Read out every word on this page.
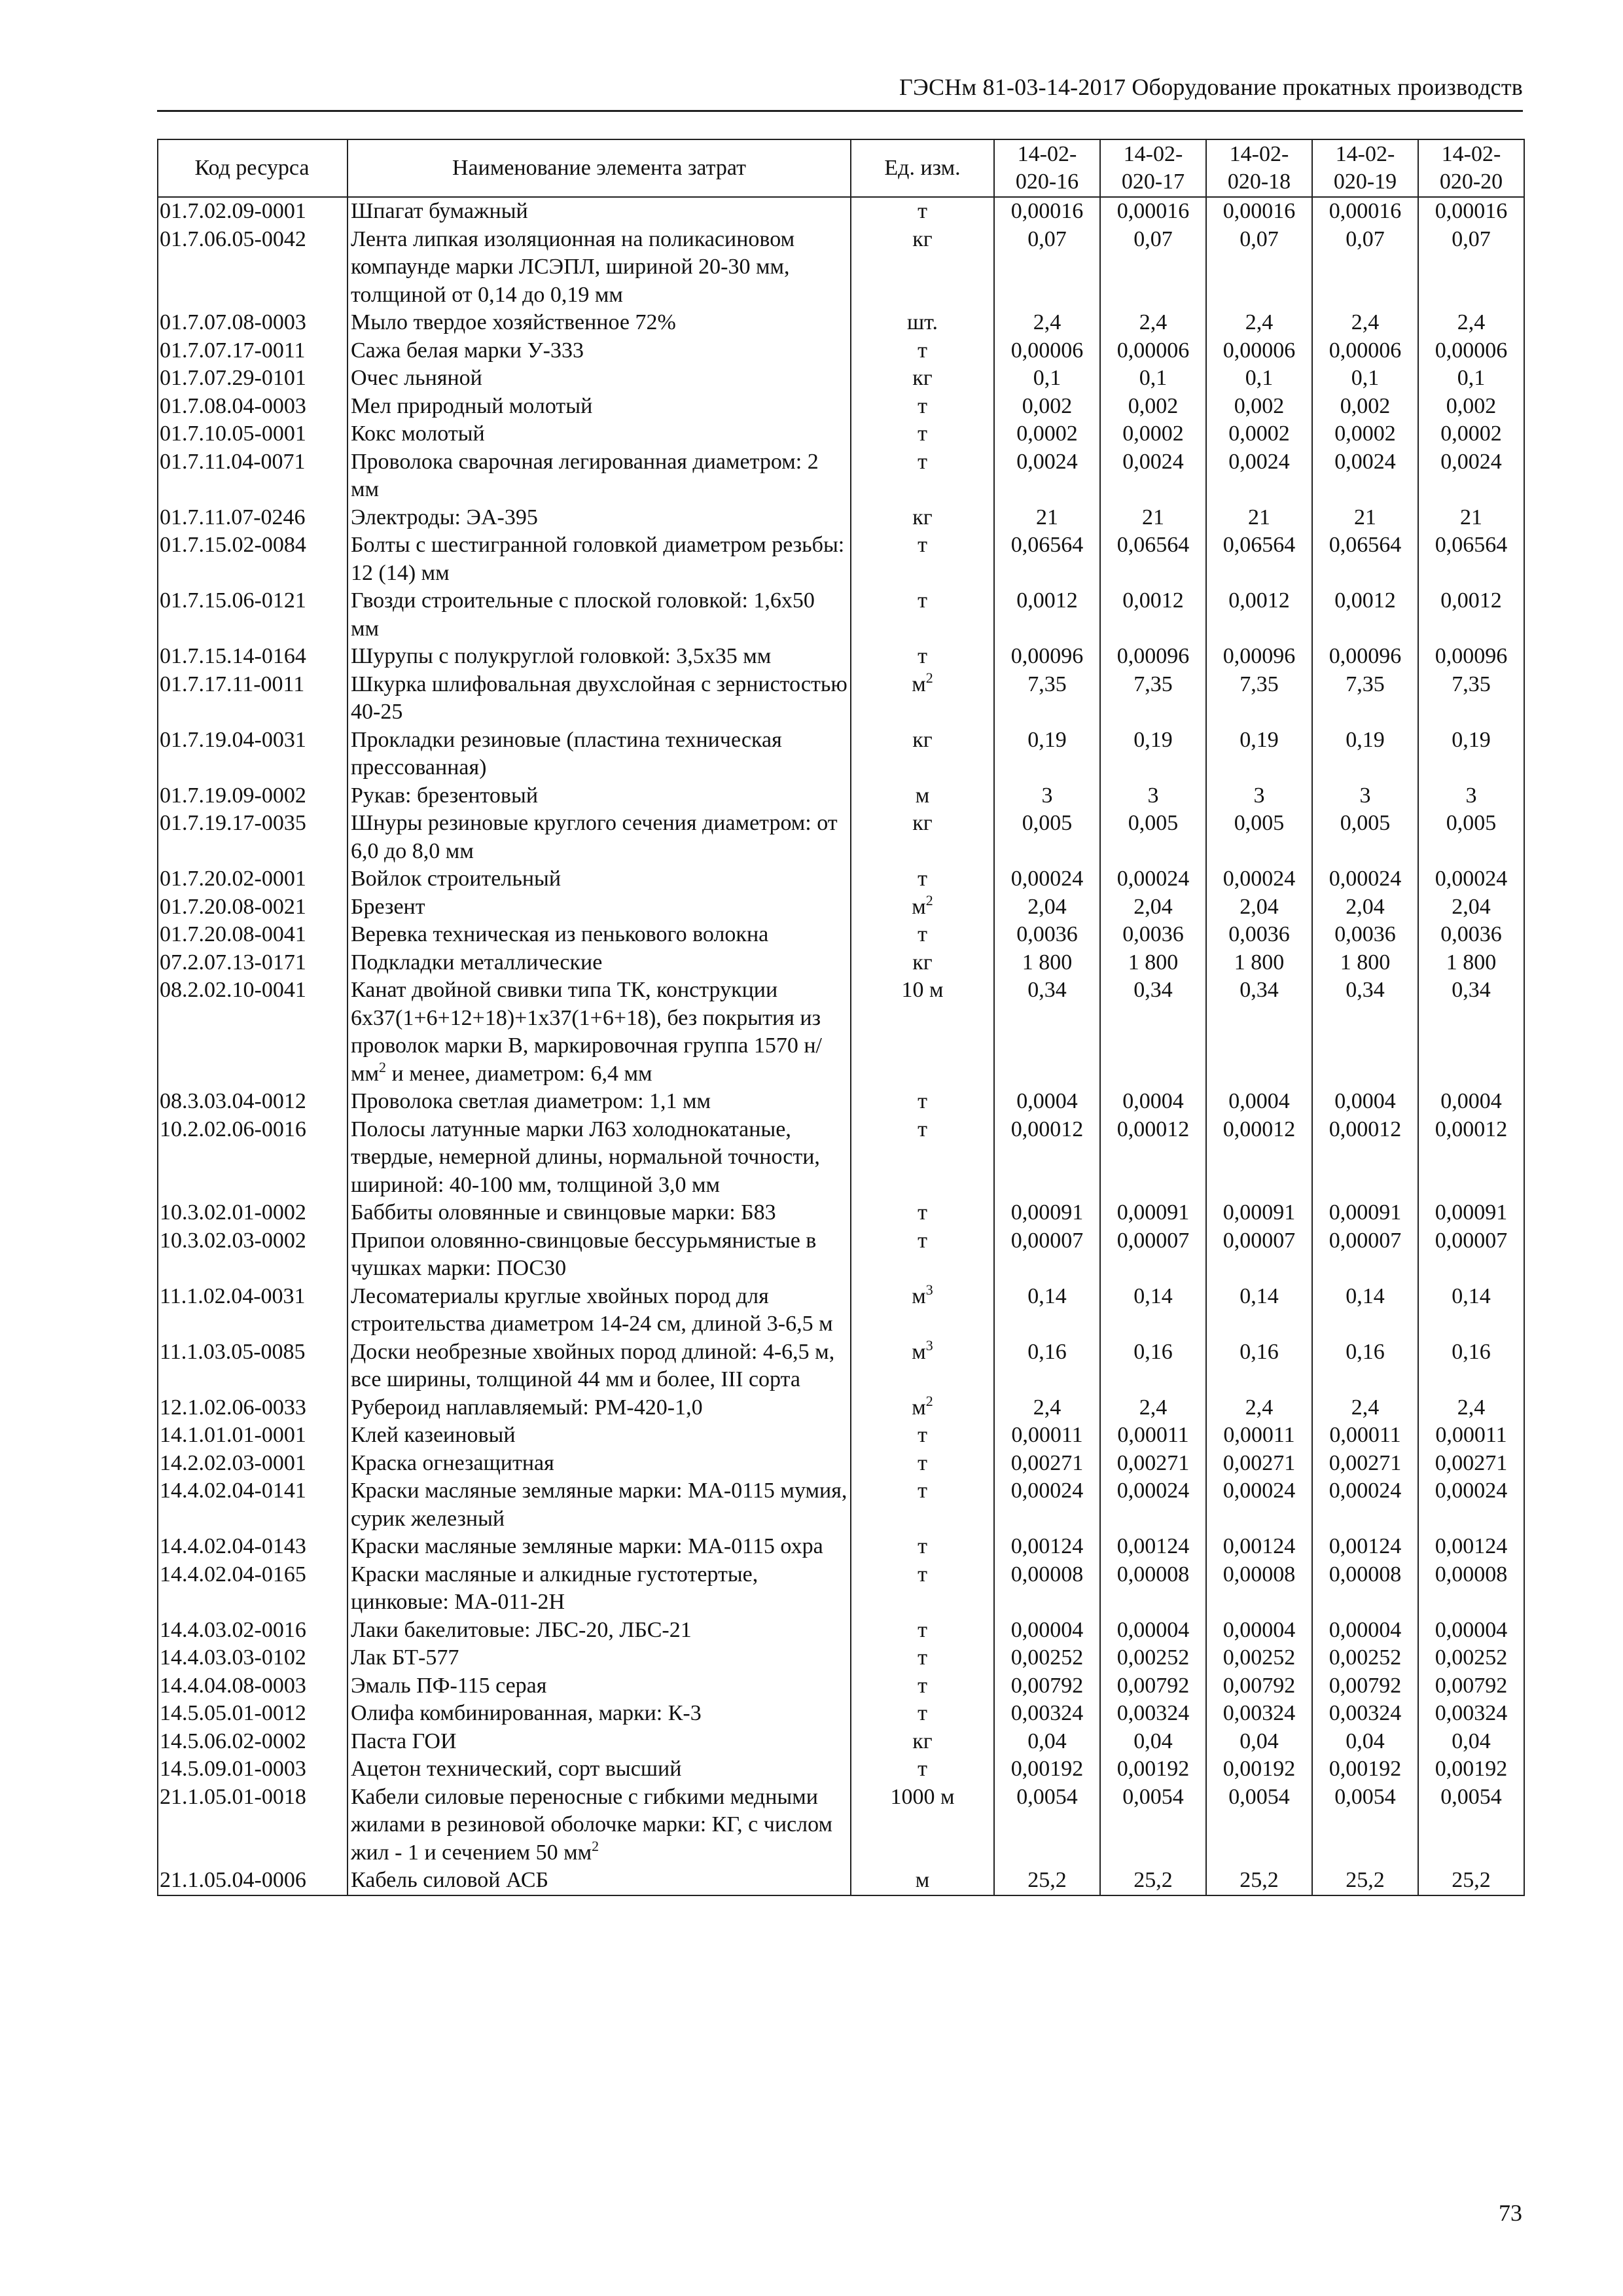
ГЭСНм 81-03-14-2017 Оборудование прокатных производств
Код ресурса	Наименование элемента затрат	Ед. изм.	14-02-020-16	14-02-020-17	14-02-020-18	14-02-020-19	14-02-020-20
01.7.02.09-0001	Шпагат бумажный	т	0,00016	0,00016	0,00016	0,00016	0,00016
01.7.06.05-0042	Лента липкая изоляционная на поликасиновом компаунде марки ЛСЭПЛ, шириной 20-30 мм, толщиной от 0,14 до 0,19 мм	кг	0,07	0,07	0,07	0,07	0,07
01.7.07.08-0003	Мыло твердое хозяйственное 72%	шт.	2,4	2,4	2,4	2,4	2,4
01.7.07.17-0011	Сажа белая марки У-333	т	0,00006	0,00006	0,00006	0,00006	0,00006
01.7.07.29-0101	Очес льняной	кг	0,1	0,1	0,1	0,1	0,1
01.7.08.04-0003	Мел природный молотый	т	0,002	0,002	0,002	0,002	0,002
01.7.10.05-0001	Кокс молотый	т	0,0002	0,0002	0,0002	0,0002	0,0002
01.7.11.04-0071	Проволока сварочная легированная диаметром: 2 мм	т	0,0024	0,0024	0,0024	0,0024	0,0024
01.7.11.07-0246	Электроды: ЭА-395	кг	21	21	21	21	21
01.7.15.02-0084	Болты с шестигранной головкой диаметром резьбы: 12 (14) мм	т	0,06564	0,06564	0,06564	0,06564	0,06564
01.7.15.06-0121	Гвозди строительные с плоской головкой: 1,6x50 мм	т	0,0012	0,0012	0,0012	0,0012	0,0012
01.7.15.14-0164	Шурупы с полукруглой головкой: 3,5x35 мм	т	0,00096	0,00096	0,00096	0,00096	0,00096
01.7.17.11-0011	Шкурка шлифовальная двухслойная с зернистостью 40-25	$м^2$	7,35	7,35	7,35	7,35	7,35
01.7.19.04-0031	Прокладки резиновые (пластина техническая прессованная)	кг	0,19	0,19	0,19	0,19	0,19
01.7.19.09-0002	Рукав: брезентовый	м	3	3	3	3	3
01.7.19.17-0035	Шнуры резиновые круглого сечения диаметром: от 6,0 до 8,0 мм	кг	0,005	0,005	0,005	0,005	0,005
01.7.20.02-0001	Войлок строительный	т	0,00024	0,00024	0,00024	0,00024	0,00024
01.7.20.08-0021	Брезент	$м^2$	2,04	2,04	2,04	2,04	2,04
01.7.20.08-0041	Веревка техническая из пенькового волокна	т	0,0036	0,0036	0,0036	0,0036	0,0036
07.2.07.13-0171	Подкладки металлические	кг	1 800	1 800	1 800	1 800	1 800
08.2.02.10-0041	Канат двойной свивки типа ТК, конструкции 6x37(1+6+12+18)+1x37(1+6+18), без покрытия из проволок марки В, маркировочная группа 1570 $н/мм^2$ и менее, диаметром: 6,4 мм	10 м	0,34	0,34	0,34	0,34	0,34
08.3.03.04-0012	Проволока светлая диаметром: 1,1 мм	т	0,0004	0,0004	0,0004	0,0004	0,0004
10.2.02.06-0016	Полосы латунные марки Л63 холоднокатаные, твердые, немерной длины, нормальной точности, шириной: 40-100 мм, толщиной 3,0 мм	т	0,00012	0,00012	0,00012	0,00012	0,00012
10.3.02.01-0002	Баббиты оловянные и свинцовые марки: Б83	т	0,00091	0,00091	0,00091	0,00091	0,00091
10.3.02.03-0002	Припои оловянно-свинцовые бессурьмянистые в чушках марки: ПОС30	т	0,00007	0,00007	0,00007	0,00007	0,00007
11.1.02.04-0031	Лесоматериалы круглые хвойных пород для строительства диаметром 14-24 см, длиной 3-6,5 м	$м^3$	0,14	0,14	0,14	0,14	0,14
11.1.03.05-0085	Доски необрезные хвойных пород длиной: 4-6,5 м, все ширины, толщиной 44 мм и более, III сорта	$м^3$	0,16	0,16	0,16	0,16	0,16
12.1.02.06-0033	Рубероид наплавляемый: РМ-420-1,0	$м^2$	2,4	2,4	2,4	2,4	2,4
14.1.01.01-0001	Клей казеиновый	т	0,00011	0,00011	0,00011	0,00011	0,00011
14.2.02.03-0001	Краска огнезащитная	т	0,00271	0,00271	0,00271	0,00271	0,00271
14.4.02.04-0141	Краски масляные земляные марки: МА-0115 мумия, сурик железный	т	0,00024	0,00024	0,00024	0,00024	0,00024
14.4.02.04-0143	Краски масляные земляные марки: МА-0115 охра	т	0,00124	0,00124	0,00124	0,00124	0,00124
14.4.02.04-0165	Краски масляные и алкидные густотертые, цинковые: МА-011-2Н	т	0,00008	0,00008	0,00008	0,00008	0,00008
14.4.03.02-0016	Лаки бакелитовые: ЛБС-20, ЛБС-21	т	0,00004	0,00004	0,00004	0,00004	0,00004
14.4.03.03-0102	Лак БТ-577	т	0,00252	0,00252	0,00252	0,00252	0,00252
14.4.04.08-0003	Эмаль ПФ-115 серая	т	0,00792	0,00792	0,00792	0,00792	0,00792
14.5.05.01-0012	Олифа комбинированная, марки: К-3	т	0,00324	0,00324	0,00324	0,00324	0,00324
14.5.06.02-0002	Паста ГОИ	кг	0,04	0,04	0,04	0,04	0,04
14.5.09.01-0003	Ацетон технический, сорт высший	т	0,00192	0,00192	0,00192	0,00192	0,00192
21.1.05.01-0018	Кабели силовые переносные с гибкими медными жилами в резиновой оболочке марки: КГ, с числом жил - 1 и сечением 50 $мм^2$	1000 м	0,0054	0,0054	0,0054	0,0054	0,0054
21.1.05.04-0006	Кабель силовой АСБ	м	25,2	25,2	25,2	25,2	25,2
73
